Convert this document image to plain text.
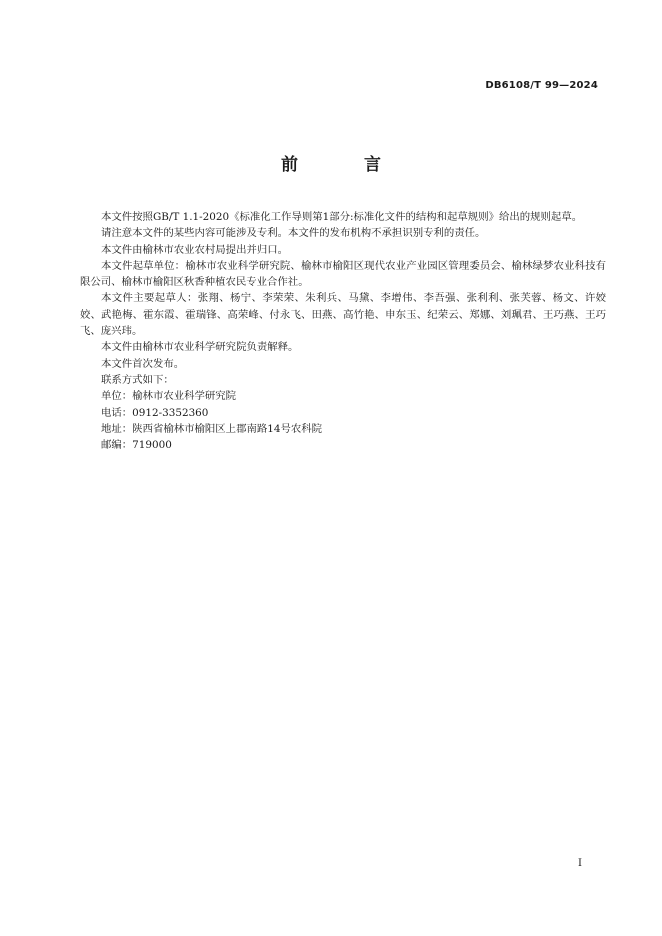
DB6108/T 99—2024
前 言

本文件按照GB/T 1.1-2020《标准化工作导则第1部分:标准化文件的结构和起草规则》给出的规则起草。

请注意本文件的某些内容可能涉及专利。本文件的发布机构不承担识别专利的责任。

本文件由榆林市农业农村局提出并归口。

本文件起草单位：榆林市农业科学研究院、榆林市榆阳区现代农业产业园区管理委员会、榆林绿梦农业科技有限公司、榆林市榆阳区秋香种植农民专业合作社。

本文件主要起草人：张翔、杨宁、李荣荣、朱利兵、马黛、李增伟、李吾强、张利利、张芙蓉、杨文、许姣姣、武艳梅、霍东霞、霍瑞锋、高荣峰、付永飞、田燕、高竹艳、申东玉、纪荣云、郑娜、刘珮君、王巧燕、王巧飞、庞兴玮。

本文件由榆林市农业科学研究院负责解释。

本文件首次发布。

联系方式如下：

单位：榆林市农业科学研究院

电话：0912-3352360

地址：陕西省榆林市榆阳区上郡南路14号农科院

邮编：719000

I
